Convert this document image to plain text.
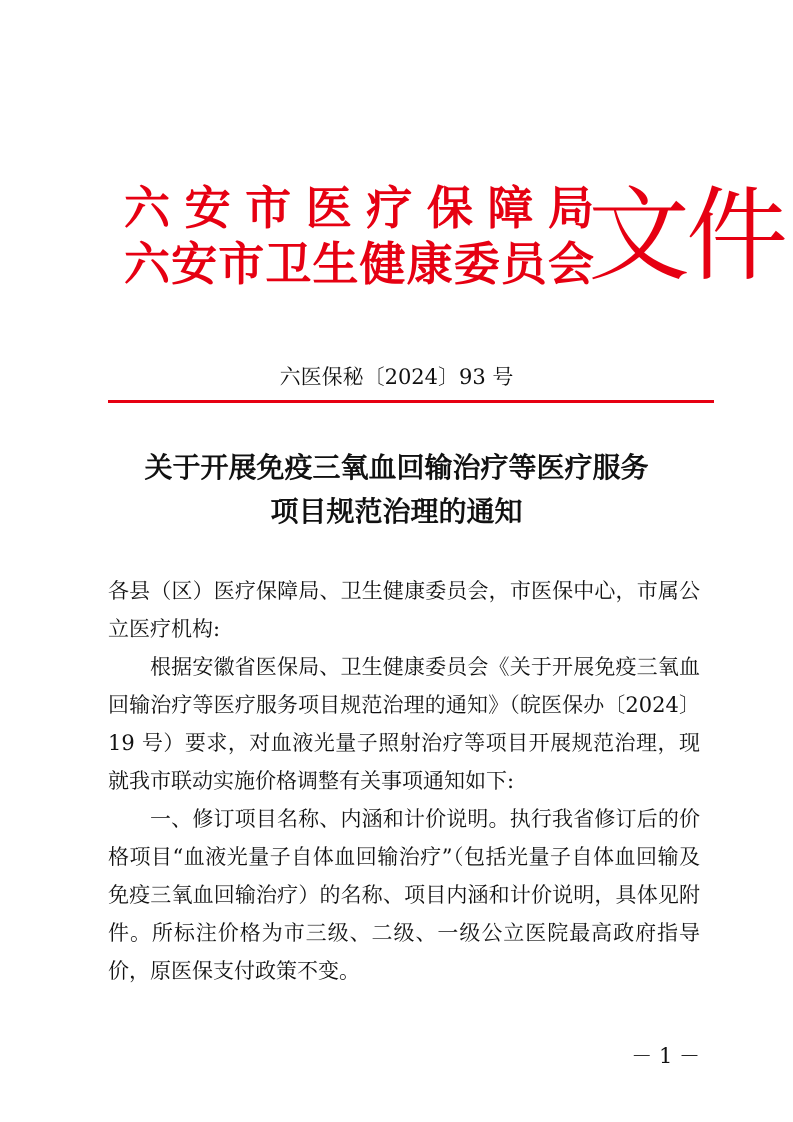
六安市医疗保障局
六安市卫生健康委员会
文件
六医保秘〔2024〕93 号
关于开展免疫三氧血回输治疗等医疗服务
项目规范治理的通知

各县（区）医疗保障局、卫生健康委员会，市医保中心，市属公立医疗机构:

根据安徽省医保局、卫生健康委员会《关于开展免疫三氧血回输治疗等医疗服务项目规范治理的通知》（皖医保办〔2024〕19 号）要求，对血液光量子照射治疗等项目开展规范治理，现就我市联动实施价格调整有关事项通知如下:

一、修订项目名称、内涵和计价说明。执行我省修订后的价格项目“血液光量子自体血回输治疗”（包括光量子自体血回输及免疫三氧血回输治疗）的名称、项目内涵和计价说明，具体见附件。所标注价格为市三级、二级、一级公立医院最高政府指导价，原医保支付政策不变。

－ 1 －
